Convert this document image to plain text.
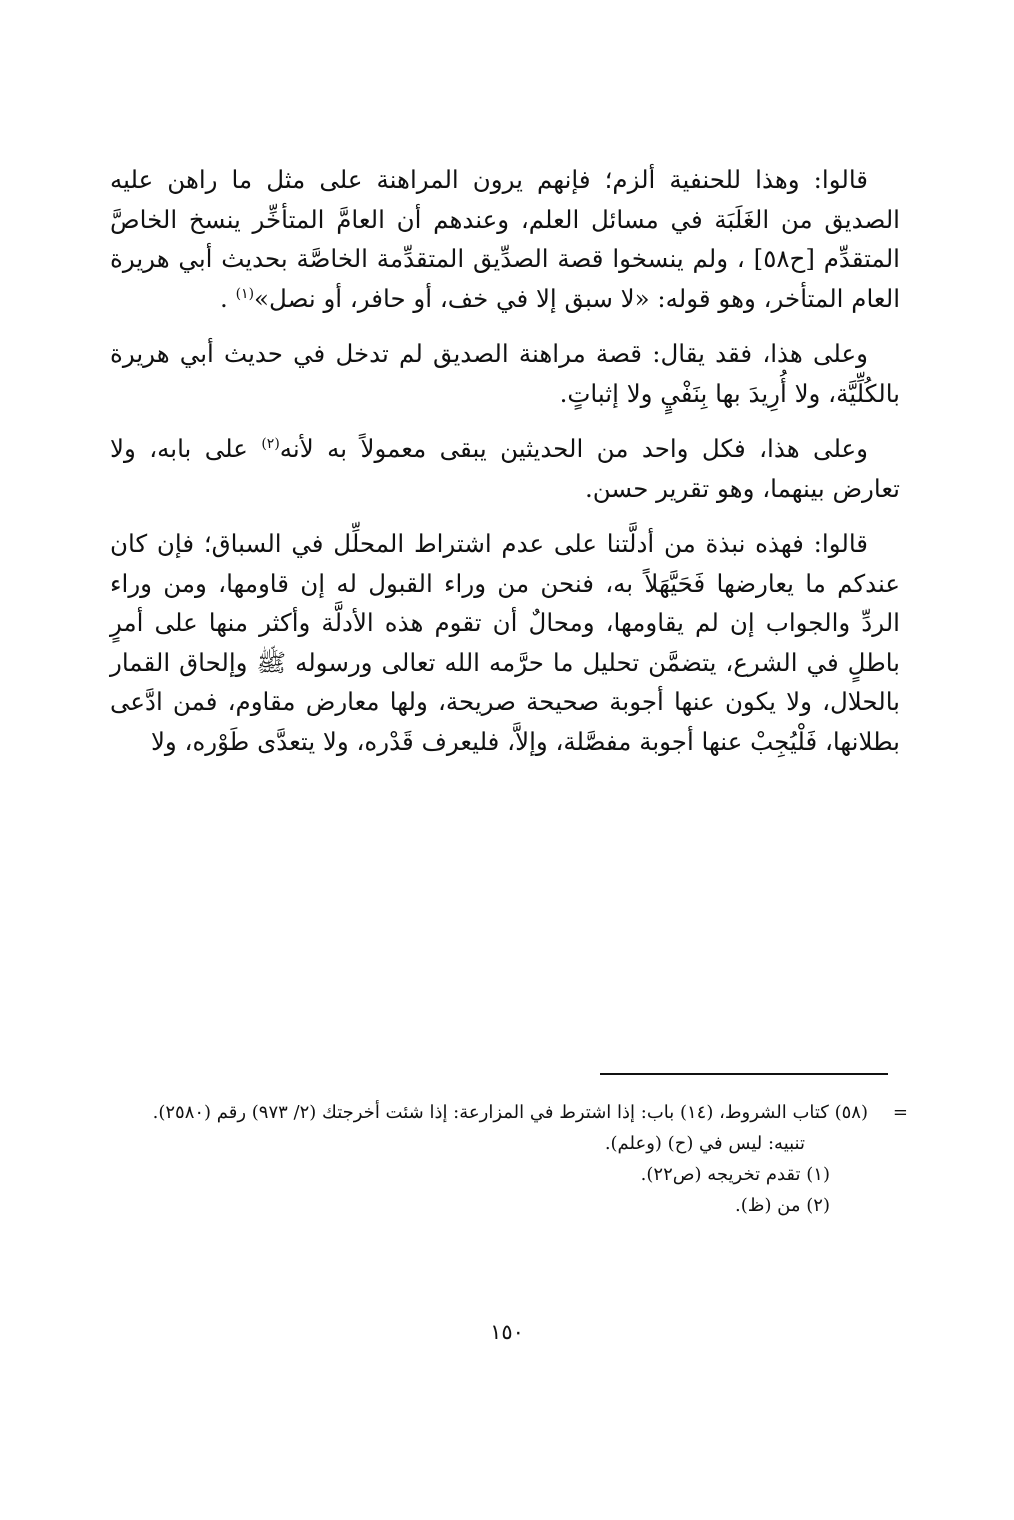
قالوا: وهذا للحنفية ألزم؛ فإنهم يرون المراهنة على مثل ما راهن عليه الصديق من الغَلَبَة في مسائل العلم، وعندهم أن العامَّ المتأخِّر ينسخ الخاصَّ المتقدِّم [ح٥٨] ، ولم ينسخوا قصة الصدِّيق المتقدِّمة الخاصَّة بحديث أبي هريرة العام المتأخر، وهو قوله: «لا سبق إلا في خف، أو حافر، أو نصل»$^{(١)}$ .

وعلى هذا، فقد يقال: قصة مراهنة الصديق لم تدخل في حديث أبي هريرة بالكُلِّيَّة، ولا أُرِيدَ بها بِنَفْيٍ ولا إثباتٍ.

وعلى هذا، فكل واحد من الحديثين يبقى معمولاً به لأنه$^{(٢)}$ على بابه، ولا تعارض بينهما، وهو تقرير حسن.

قالوا: فهذه نبذة من أدلَّتنا على عدم اشتراط المحلِّل في السباق؛ فإن كان عندكم ما يعارضها فَحَيَّهَلاً به، فنحن من وراء القبول له إن قاومها، ومن وراء الردِّ والجواب إن لم يقاومها، ومحالٌ أن تقوم هذه الأدلَّة وأكثر منها على أمرٍ باطلٍ في الشرع، يتضمَّن تحليل ما حرَّمه الله تعالى ورسوله ﷺ وإلحاق القمار بالحلال، ولا يكون عنها أجوبة صحيحة صريحة، ولها معارض مقاوم، فمن ادَّعى بطلانها، فَلْيُجِبْ عنها أجوبة مفصَّلة، وإلاَّ، فليعرف قَدْره، ولا يتعدَّى طَوْره، ولا

=
(٥٨) كتاب الشروط، (١٤) باب: إذا اشترط في المزارعة: إذا شئت أخرجتك (٢/ ٩٧٣) رقم (٢٥٨٠).
تنبيه: ليس في (ح) (وعلم).
(١) تقدم تخريجه (ص٢٢).
(٢) من (ظ).
١٥٠
